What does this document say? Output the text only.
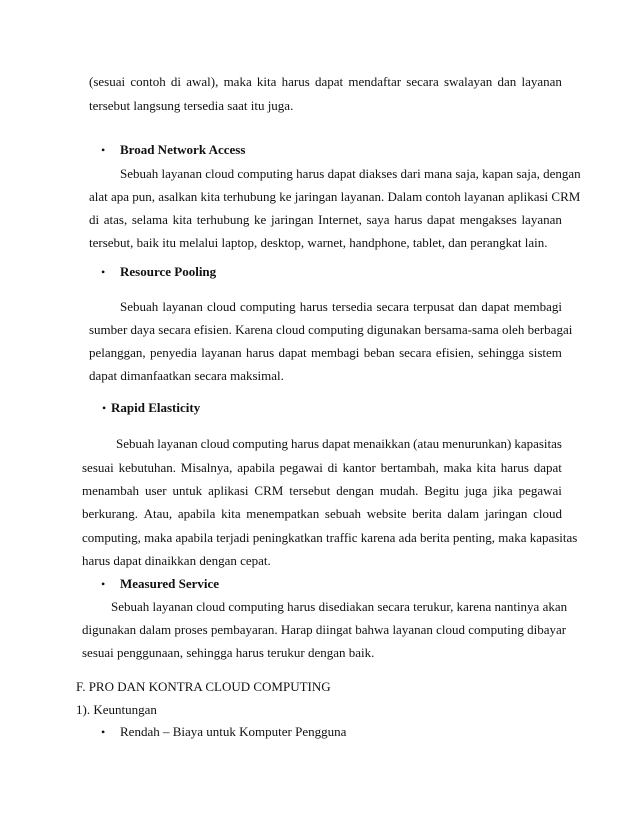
(sesuai contoh di awal), maka kita harus dapat mendaftar secara swalayan dan layanan
tersebut langsung tersedia saat itu juga.
• Broad Network Access
Sebuah layanan cloud computing harus dapat diakses dari mana saja, kapan saja, dengan
alat apa pun, asalkan kita terhubung ke jaringan layanan. Dalam contoh layanan aplikasi CRM
di atas, selama kita terhubung ke jaringan Internet, saya harus dapat mengakses layanan
tersebut, baik itu melalui laptop, desktop, warnet, handphone, tablet, dan perangkat lain.
• Resource Pooling
Sebuah layanan cloud computing harus tersedia secara terpusat dan dapat membagi
sumber daya secara efisien. Karena cloud computing digunakan bersama-sama oleh berbagai
pelanggan, penyedia layanan harus dapat membagi beban secara efisien, sehingga sistem
dapat dimanfaatkan secara maksimal.
• Rapid Elasticity
Sebuah layanan cloud computing harus dapat menaikkan (atau menurunkan) kapasitas
sesuai kebutuhan. Misalnya, apabila pegawai di kantor bertambah, maka kita harus dapat
menambah user untuk aplikasi CRM tersebut dengan mudah. Begitu juga jika pegawai
berkurang. Atau, apabila kita menempatkan sebuah website berita dalam jaringan cloud
computing, maka apabila terjadi peningkatkan traffic karena ada berita penting, maka kapasitas
harus dapat dinaikkan dengan cepat.
• Measured Service
Sebuah layanan cloud computing harus disediakan secara terukur, karena nantinya akan
digunakan dalam proses pembayaran. Harap diingat bahwa layanan cloud computing dibayar
sesuai penggunaan, sehingga harus terukur dengan baik.
F. PRO DAN KONTRA CLOUD COMPUTING
1). Keuntungan
• Rendah – Biaya untuk Komputer Pengguna
